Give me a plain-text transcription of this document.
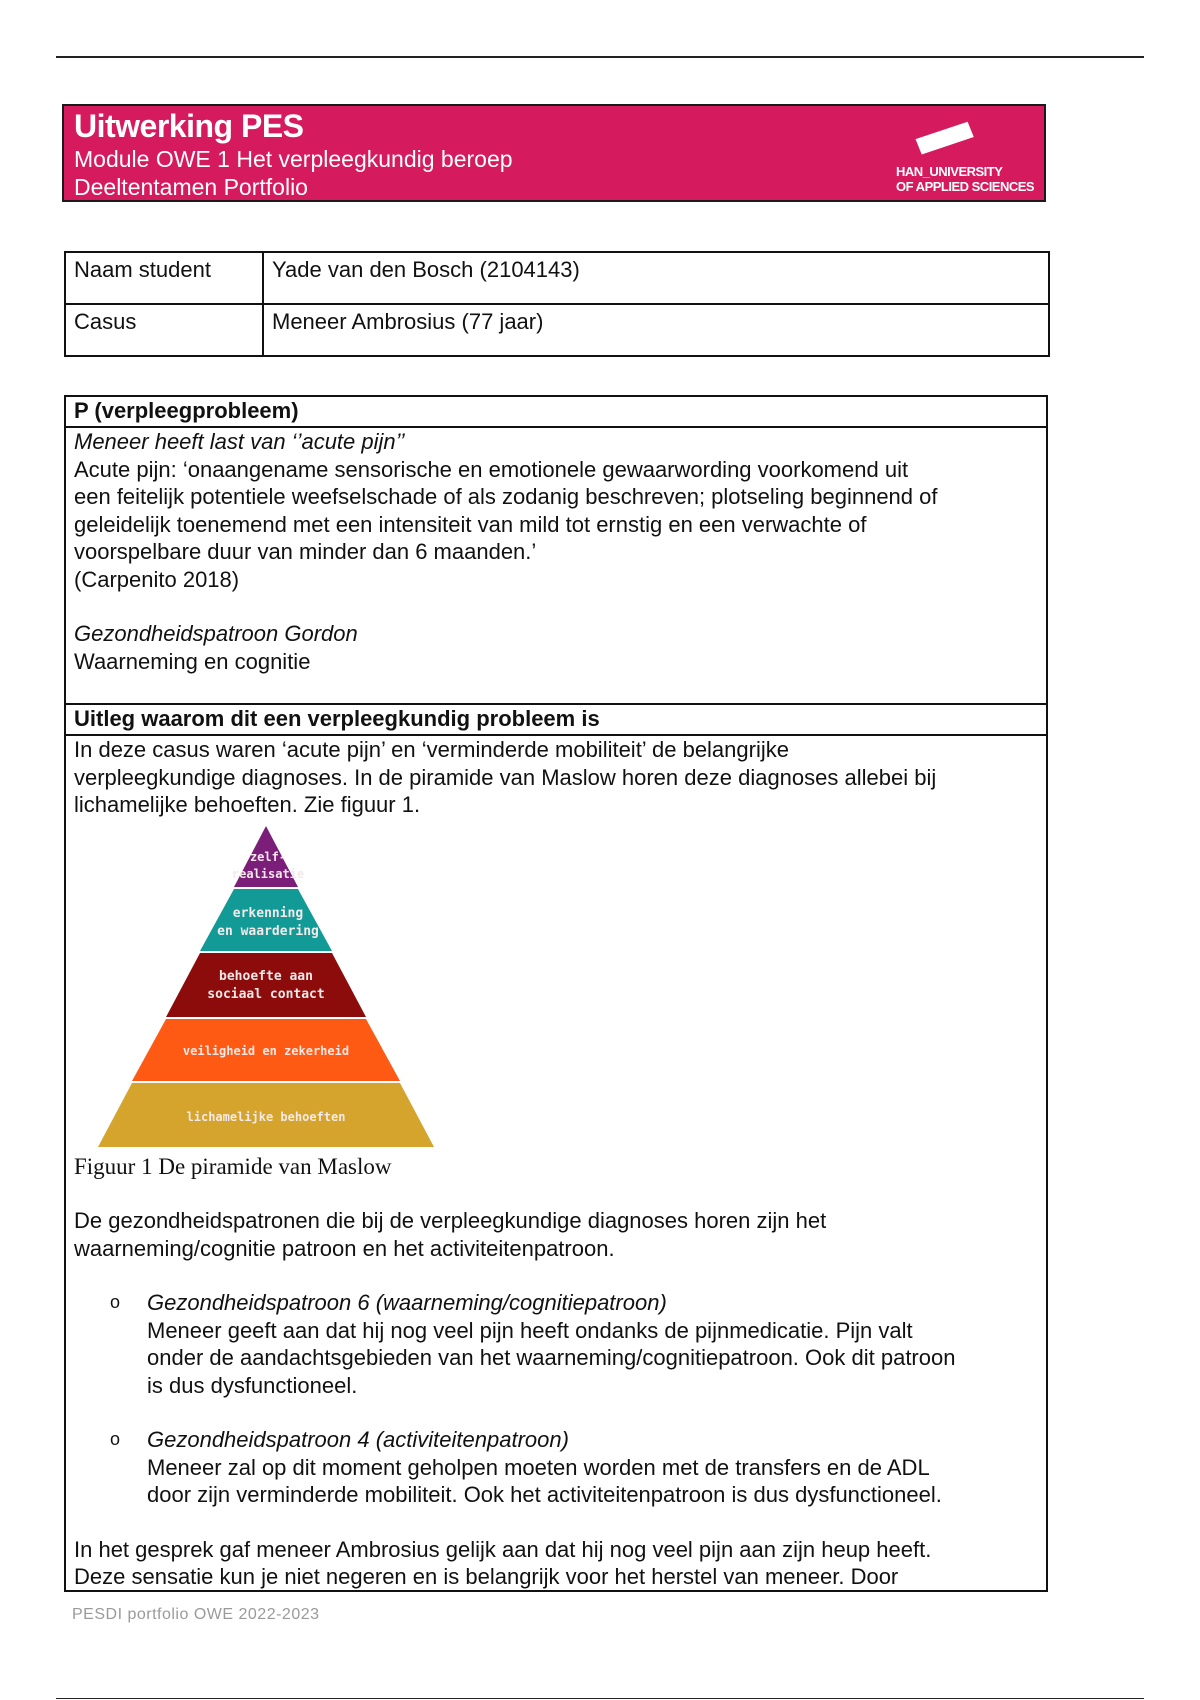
Uitwerking PES
Module OWE 1 Het verpleegkundig beroep
Deeltentamen Portfolio
HAN_UNIVERSITY
OF APPLIED SCIENCES
Naam student	Yade van den Bosch (2104143)
Casus	Meneer Ambrosius (77 jaar)
P (verpleegprobleem)

Meneer heeft last van ‘’acute pijn’’

Acute pijn: ‘onaangename sensorische en emotionele gewaarwording voorkomend uit

een feitelijk potentiele weefselschade of als zodanig beschreven; plotseling beginnend of

geleidelijk toenemend met een intensiteit van mild tot ernstig en een verwachte of

voorspelbare duur van minder dan 6 maanden.’

(Carpenito 2018)

Gezondheidspatroon Gordon

Waarneming en cognitie

Uitleg waarom dit een verpleegkundig probleem is

In deze casus waren ‘acute pijn’ en ‘verminderde mobiliteit’ de belangrijke

verpleegkundige diagnoses. In de piramide van Maslow horen deze diagnoses allebei bij

lichamelijke behoeften. Zie figuur 1.

zelf-
realisatie
erkenning
en waardering
behoefte aan
sociaal contact
veiligheid en zekerheid
lichamelijke behoeften

Figuur 1 De piramide van Maslow

De gezondheidspatronen die bij de verpleegkundige diagnoses horen zijn het

waarneming/cognitie patroon en het activiteitenpatroon.

o Gezondheidspatroon 6 (waarneming/cognitiepatroon)

Meneer geeft aan dat hij nog veel pijn heeft ondanks de pijnmedicatie. Pijn valt

onder de aandachtsgebieden van het waarneming/cognitiepatroon. Ook dit patroon

is dus dysfunctioneel.

o Gezondheidspatroon 4 (activiteitenpatroon)

Meneer zal op dit moment geholpen moeten worden met de transfers en de ADL

door zijn verminderde mobiliteit. Ook het activiteitenpatroon is dus dysfunctioneel.

In het gesprek gaf meneer Ambrosius gelijk aan dat hij nog veel pijn aan zijn heup heeft.

Deze sensatie kun je niet negeren en is belangrijk voor het herstel van meneer. Door

PESDI portfolio OWE 2022-2023
